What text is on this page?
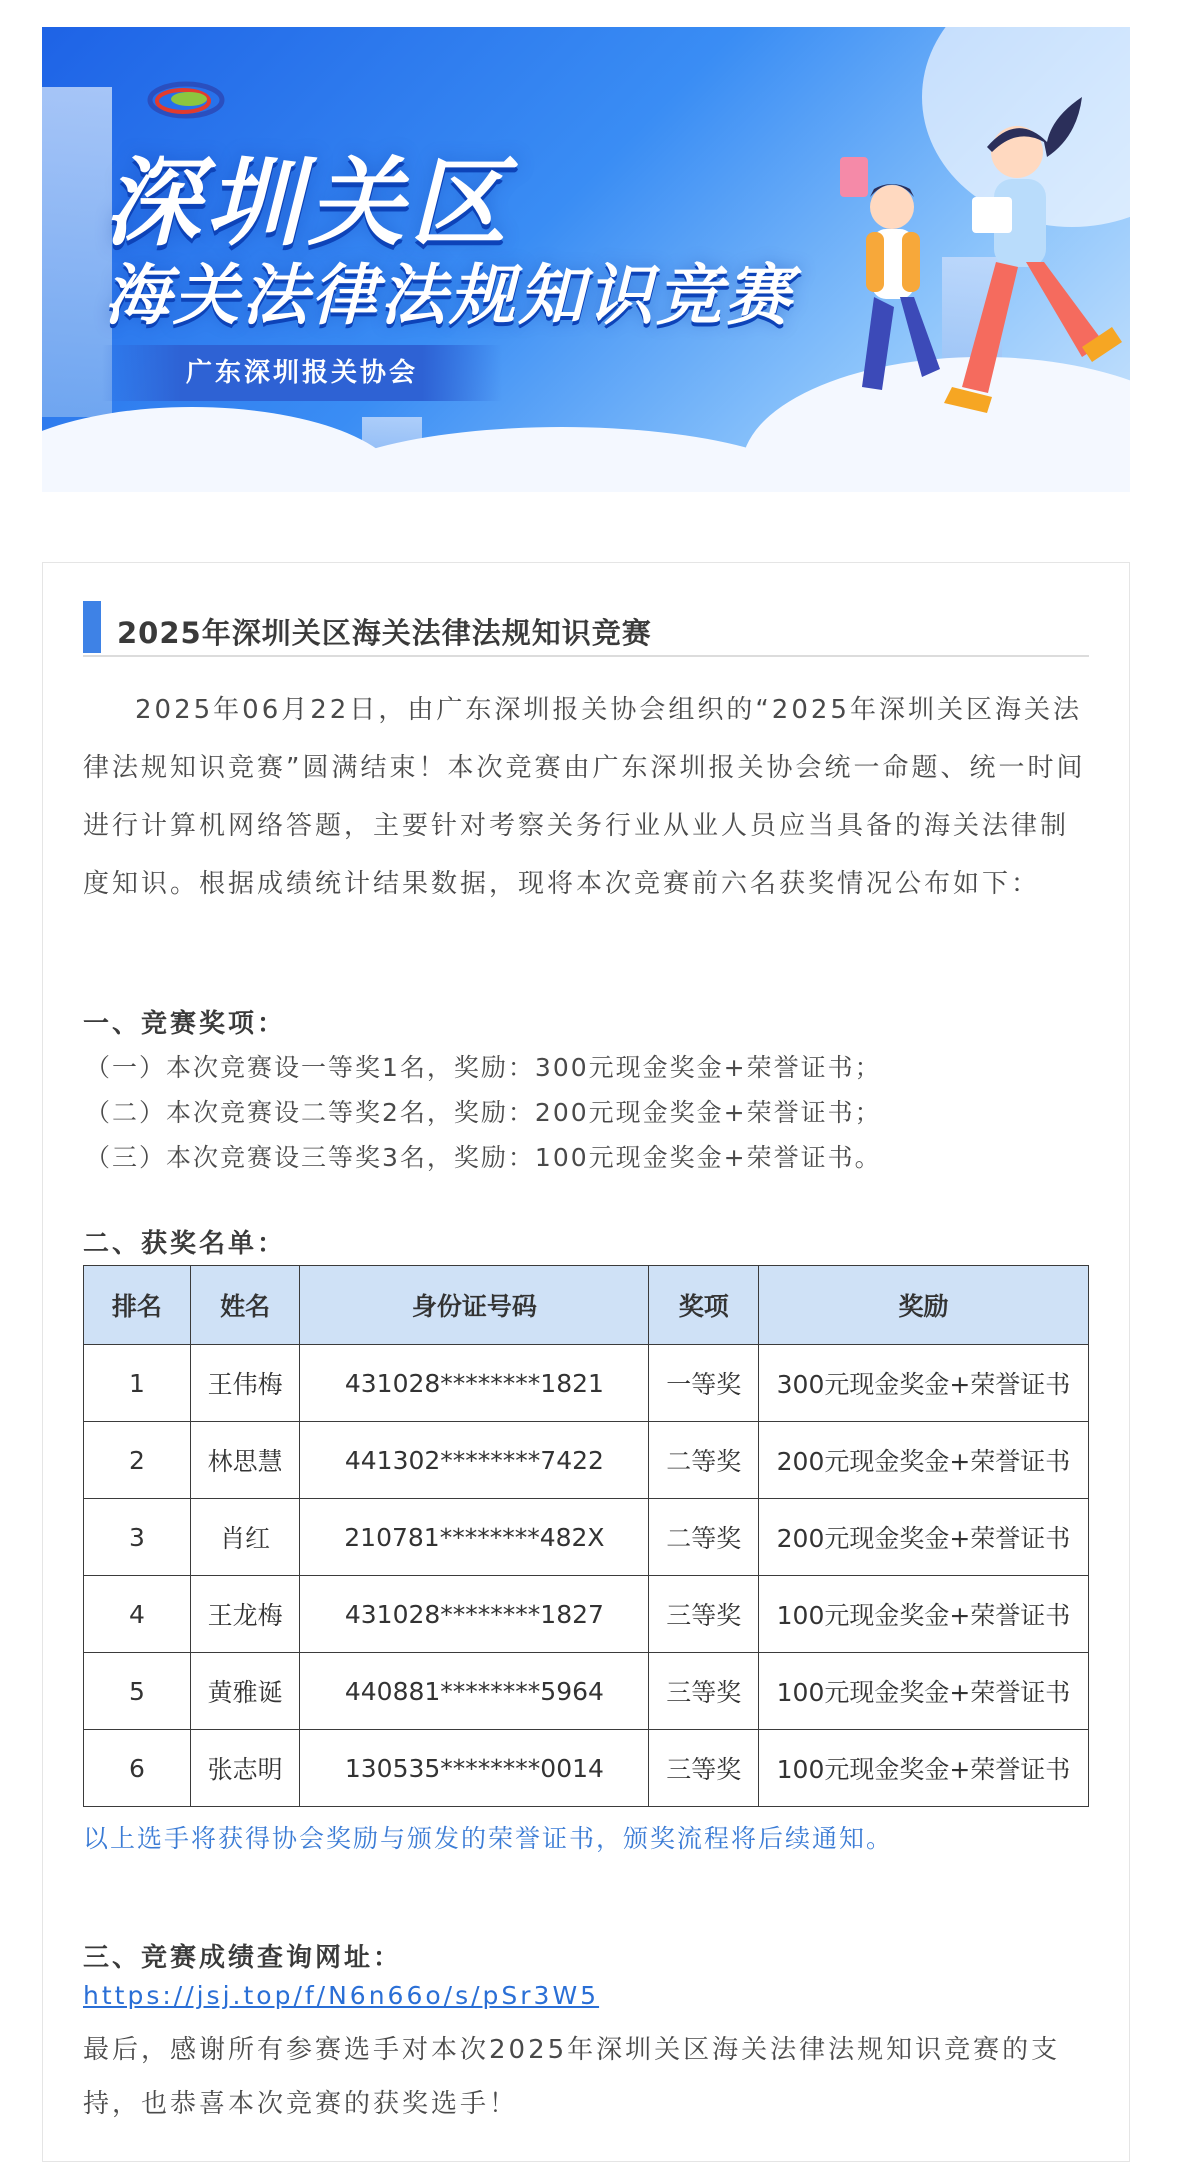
深圳关区
海关法律法规知识竞赛
广东深圳报关协会
2025年深圳关区海关法律法规知识竞赛
2025年06月22日，由广东深圳报关协会组织的“2025年深圳关区海关法律法规知识竞赛”圆满结束！本次竞赛由广东深圳报关协会统一命题、统一时间进行计算机网络答题，主要针对考察关务行业从业人员应当具备的海关法律制度知识。根据成绩统计结果数据，现将本次竞赛前六名获奖情况公布如下：
一、竞赛奖项：
（一）本次竞赛设一等奖1名，奖励：300元现金奖金+荣誉证书；
（二）本次竞赛设二等奖2名，奖励：200元现金奖金+荣誉证书；
（三）本次竞赛设三等奖3名，奖励：100元现金奖金+荣誉证书。
二、获奖名单：
排名	姓名	身份证号码	奖项	奖励
1	王伟梅	431028********1821	一等奖	300元现金奖金+荣誉证书
2	林思慧	441302********7422	二等奖	200元现金奖金+荣誉证书
3	肖红	210781********482X	二等奖	200元现金奖金+荣誉证书
4	王龙梅	431028********1827	三等奖	100元现金奖金+荣誉证书
5	黄雅诞	440881********5964	三等奖	100元现金奖金+荣誉证书
6	张志明	130535********0014	三等奖	100元现金奖金+荣誉证书
以上选手将获得协会奖励与颁发的荣誉证书，颁奖流程将后续通知。
三、竞赛成绩查询网址：
https://jsj.top/f/N6n66o/s/pSr3W5
最后，感谢所有参赛选手对本次2025年深圳关区海关法律法规知识竞赛的支持，也恭喜本次竞赛的获奖选手！
